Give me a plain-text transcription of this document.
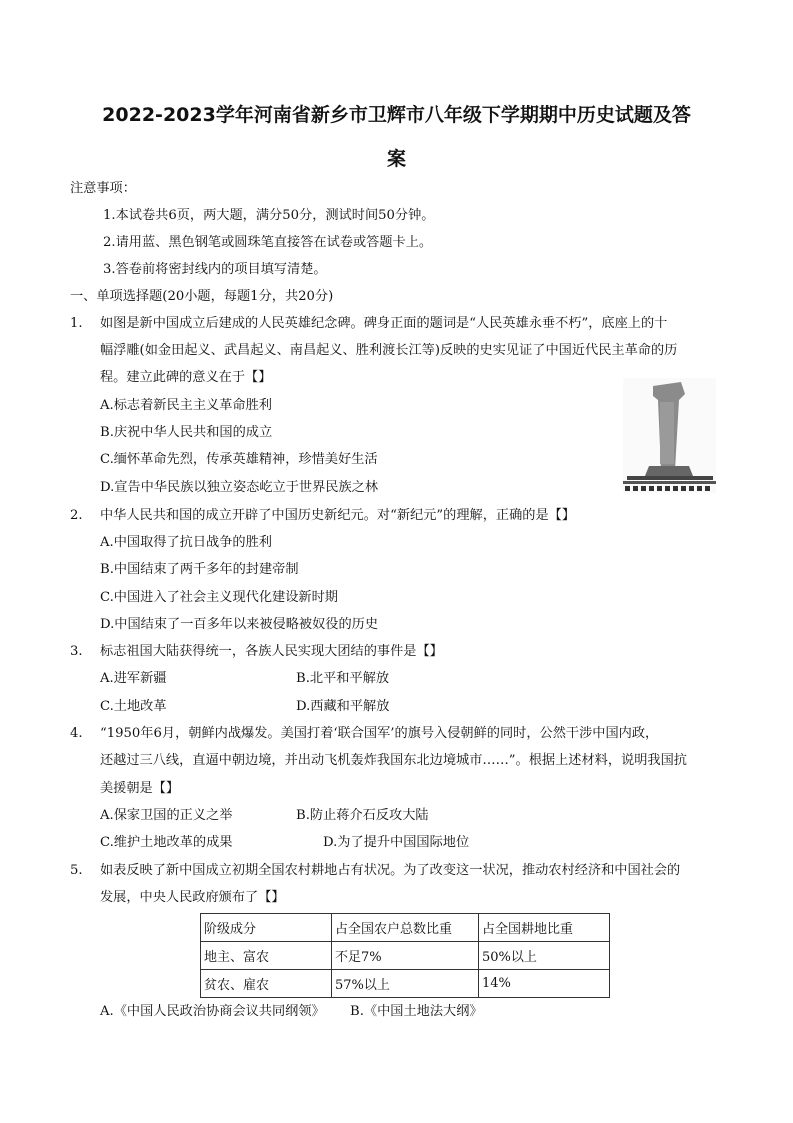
2022-2023学年河南省新乡市卫辉市八年级下学期期中历史试题及答
案
注意事项：
1.本试卷共6页，两大题，满分50分，测试时间50分钟。
2.请用蓝、黑色钢笔或圆珠笔直接答在试卷或答题卡上。
3.答卷前将密封线内的项目填写清楚。
一、单项选择题(20小题，每题1分，共20分)
1. 如图是新中国成立后建成的人民英雄纪念碑。碑身正面的题词是“人民英雄永垂不朽”，底座上的十
幅浮雕(如金田起义、武昌起义、南昌起义、胜利渡长江等)反映的史实见证了中国近代民主革命的历
程。建立此碑的意义在于【】
A.标志着新民主主义革命胜利
B.庆祝中华人民共和国的成立
C.缅怀革命先烈，传承英雄精神，珍惜美好生活
D.宣告中华民族以独立姿态屹立于世界民族之林
2. 中华人民共和国的成立开辟了中国历史新纪元。对“新纪元”的理解，正确的是【】
A.中国取得了抗日战争的胜利
B.中国结束了两千多年的封建帝制
C.中国进入了社会主义现代化建设新时期
D.中国结束了一百多年以来被侵略被奴役的历史
3. 标志祖国大陆获得统一，各族人民实现大团结的事件是【】
A.进军新疆	B.北平和平解放
C.土地改革	D.西藏和平解放
4. “1950年6月，朝鲜内战爆发。美国打着‘联合国军’的旗号入侵朝鲜的同时，公然干涉中国内政，
还越过三八线，直逼中朝边境，并出动飞机轰炸我国东北边境城市……”。根据上述材料，说明我国抗
美援朝是【】
A.保家卫国的正义之举	B.防止蒋介石反攻大陆
C.维护土地改革的成果	D.为了提升中国国际地位
5. 如表反映了新中国成立初期全国农村耕地占有状况。为了改变这一状况，推动农村经济和中国社会的
发展，中央人民政府颁布了【】
阶级成分	占全国农户总数比重	占全国耕地比重
地主、富农	不足7%	50%以上
贫农、雇农	57%以上	14%
A.《中国人民政治协商会议共同纲领》 B.《中国土地法大纲》
